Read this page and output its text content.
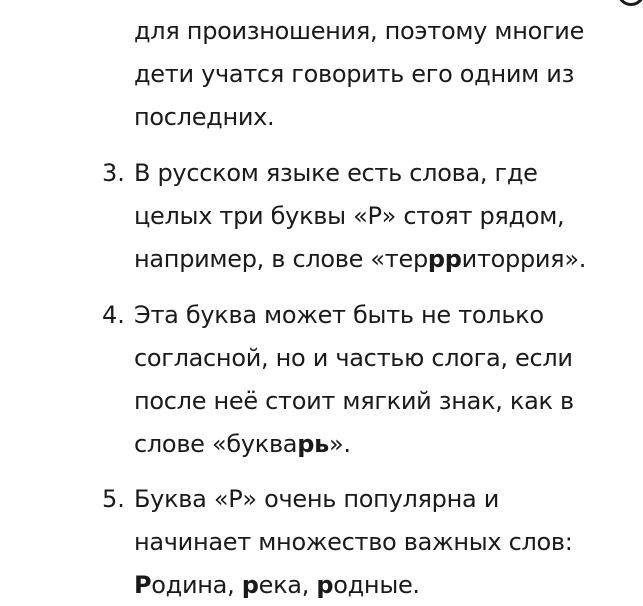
для произношения, поэтому многие
дети учатся говорить его одним из
последних.
3. В русском языке есть слова, где
целых три буквы «Р» стоят рядом,
например, в слове «террриторрия».
4. Эта буква может быть не только
согласной, но и частью слога, если
после неё стоит мягкий знак, как в
слове «букварь».
5. Буква «Р» очень популярна и
начинает множество важных слов:
Родина, река, родные.
